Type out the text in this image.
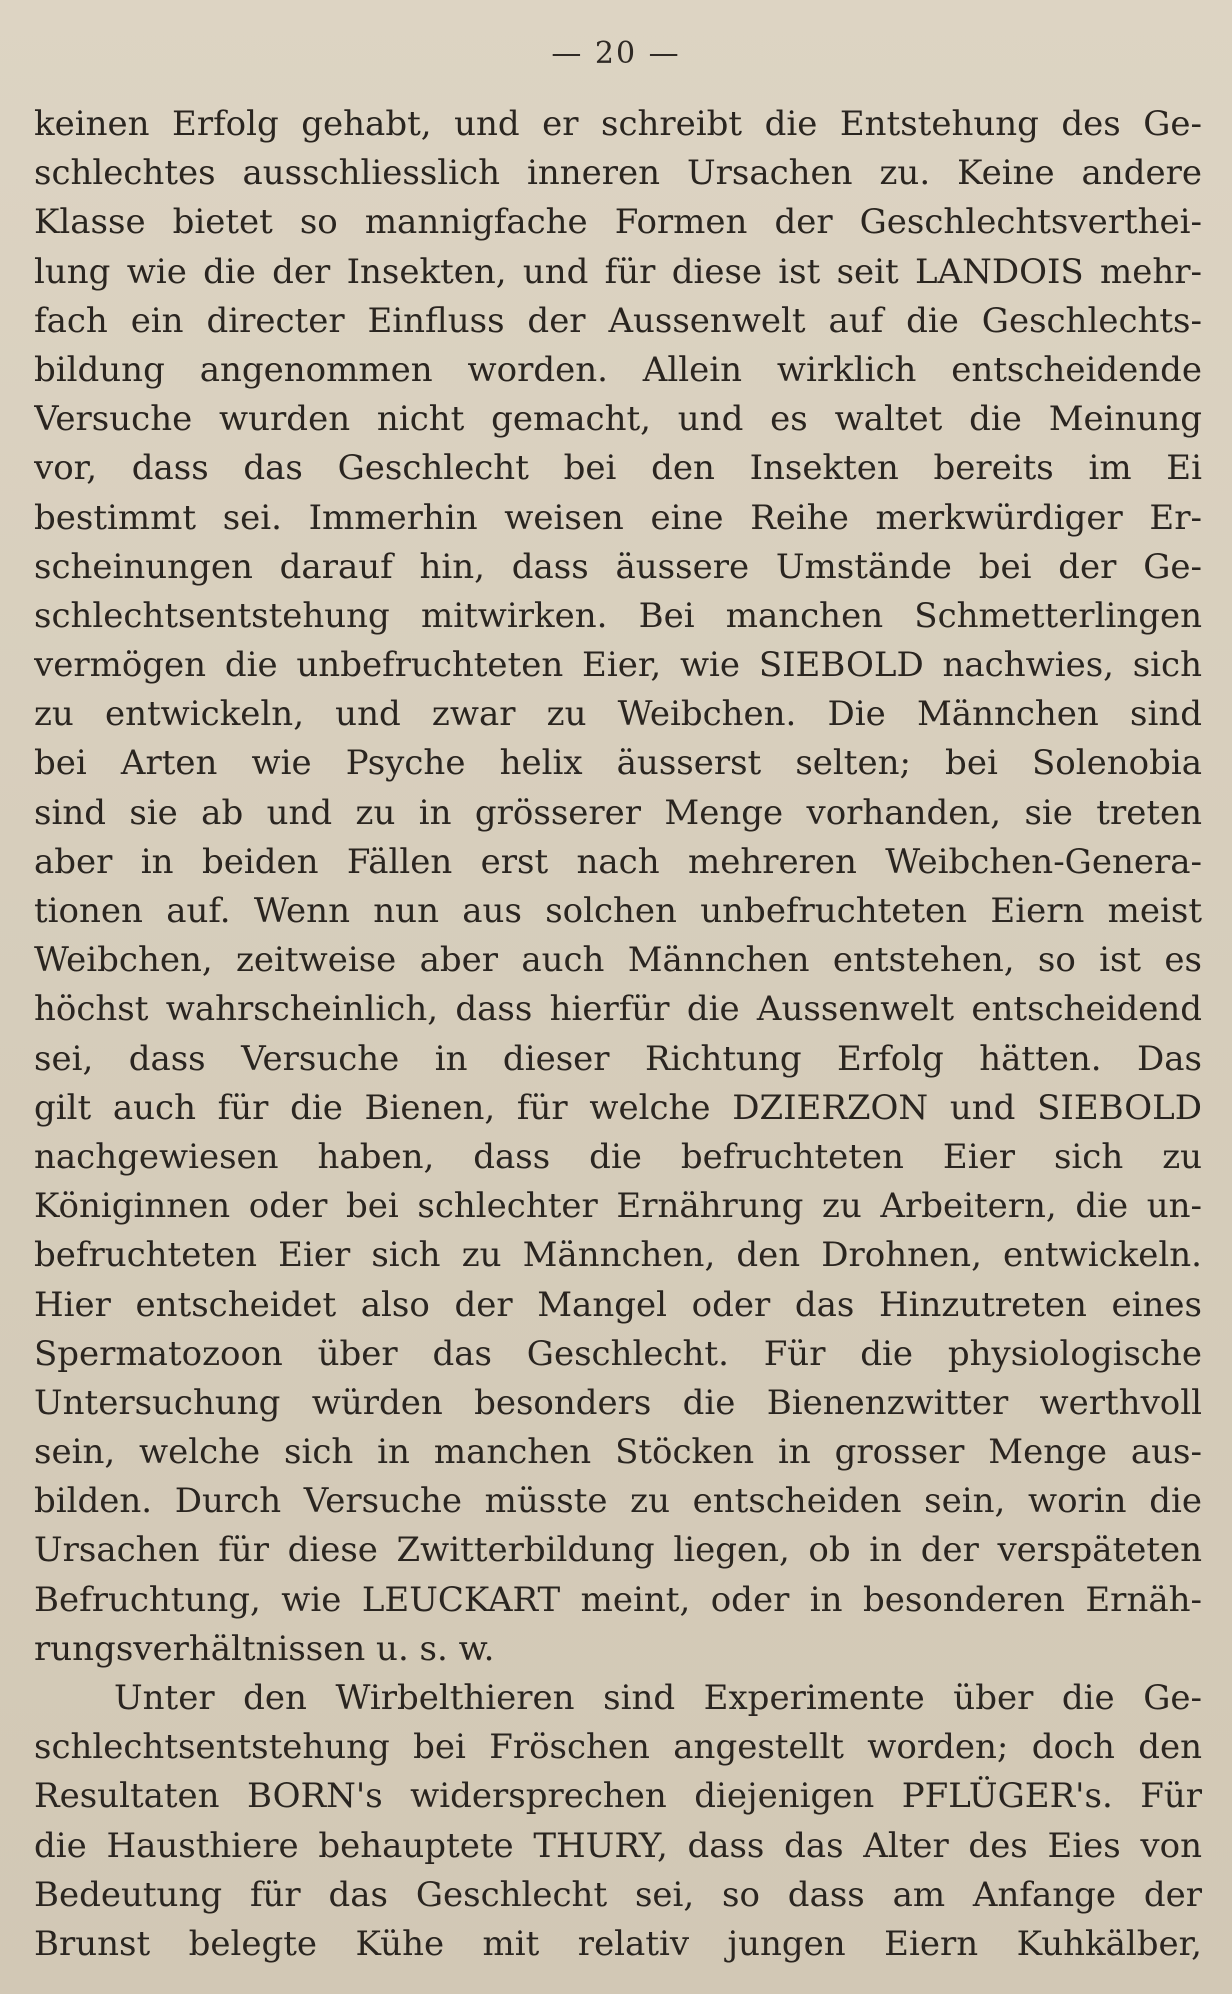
— 20 —
keinen Erfolg gehabt, und er schreibt die Entstehung des Ge-
schlechtes ausschliesslich inneren Ursachen zu. Keine andere
Klasse bietet so mannigfache Formen der Geschlechtsverthei-
lung wie die der Insekten, und für diese ist seit LANDOIS mehr-
fach ein directer Einfluss der Aussenwelt auf die Geschlechts-
bildung angenommen worden. Allein wirklich entscheidende
Versuche wurden nicht gemacht, und es waltet die Meinung
vor, dass das Geschlecht bei den Insekten bereits im Ei
bestimmt sei. Immerhin weisen eine Reihe merkwürdiger Er-
scheinungen darauf hin, dass äussere Umstände bei der Ge-
schlechtsentstehung mitwirken. Bei manchen Schmetterlingen
vermögen die unbefruchteten Eier, wie SIEBOLD nachwies, sich
zu entwickeln, und zwar zu Weibchen. Die Männchen sind
bei Arten wie Psyche helix äusserst selten; bei Solenobia
sind sie ab und zu in grösserer Menge vorhanden, sie treten
aber in beiden Fällen erst nach mehreren Weibchen-Genera-
tionen auf. Wenn nun aus solchen unbefruchteten Eiern meist
Weibchen, zeitweise aber auch Männchen entstehen, so ist es
höchst wahrscheinlich, dass hierfür die Aussenwelt entscheidend
sei, dass Versuche in dieser Richtung Erfolg hätten. Das
gilt auch für die Bienen, für welche DZIERZON und SIEBOLD
nachgewiesen haben, dass die befruchteten Eier sich zu
Königinnen oder bei schlechter Ernährung zu Arbeitern, die un-
befruchteten Eier sich zu Männchen, den Drohnen, entwickeln.
Hier entscheidet also der Mangel oder das Hinzutreten eines
Spermatozoon über das Geschlecht. Für die physiologische
Untersuchung würden besonders die Bienenzwitter werthvoll
sein, welche sich in manchen Stöcken in grosser Menge aus-
bilden. Durch Versuche müsste zu entscheiden sein, worin die
Ursachen für diese Zwitterbildung liegen, ob in der verspäteten
Befruchtung, wie LEUCKART meint, oder in besonderen Ernäh-
rungsverhältnissen u. s. w.
Unter den Wirbelthieren sind Experimente über die Ge-
schlechtsentstehung bei Fröschen angestellt worden; doch den
Resultaten BORN's widersprechen diejenigen PFLÜGER's. Für
die Hausthiere behauptete THURY, dass das Alter des Eies von
Bedeutung für das Geschlecht sei, so dass am Anfange der
Brunst belegte Kühe mit relativ jungen Eiern Kuhkälber,
